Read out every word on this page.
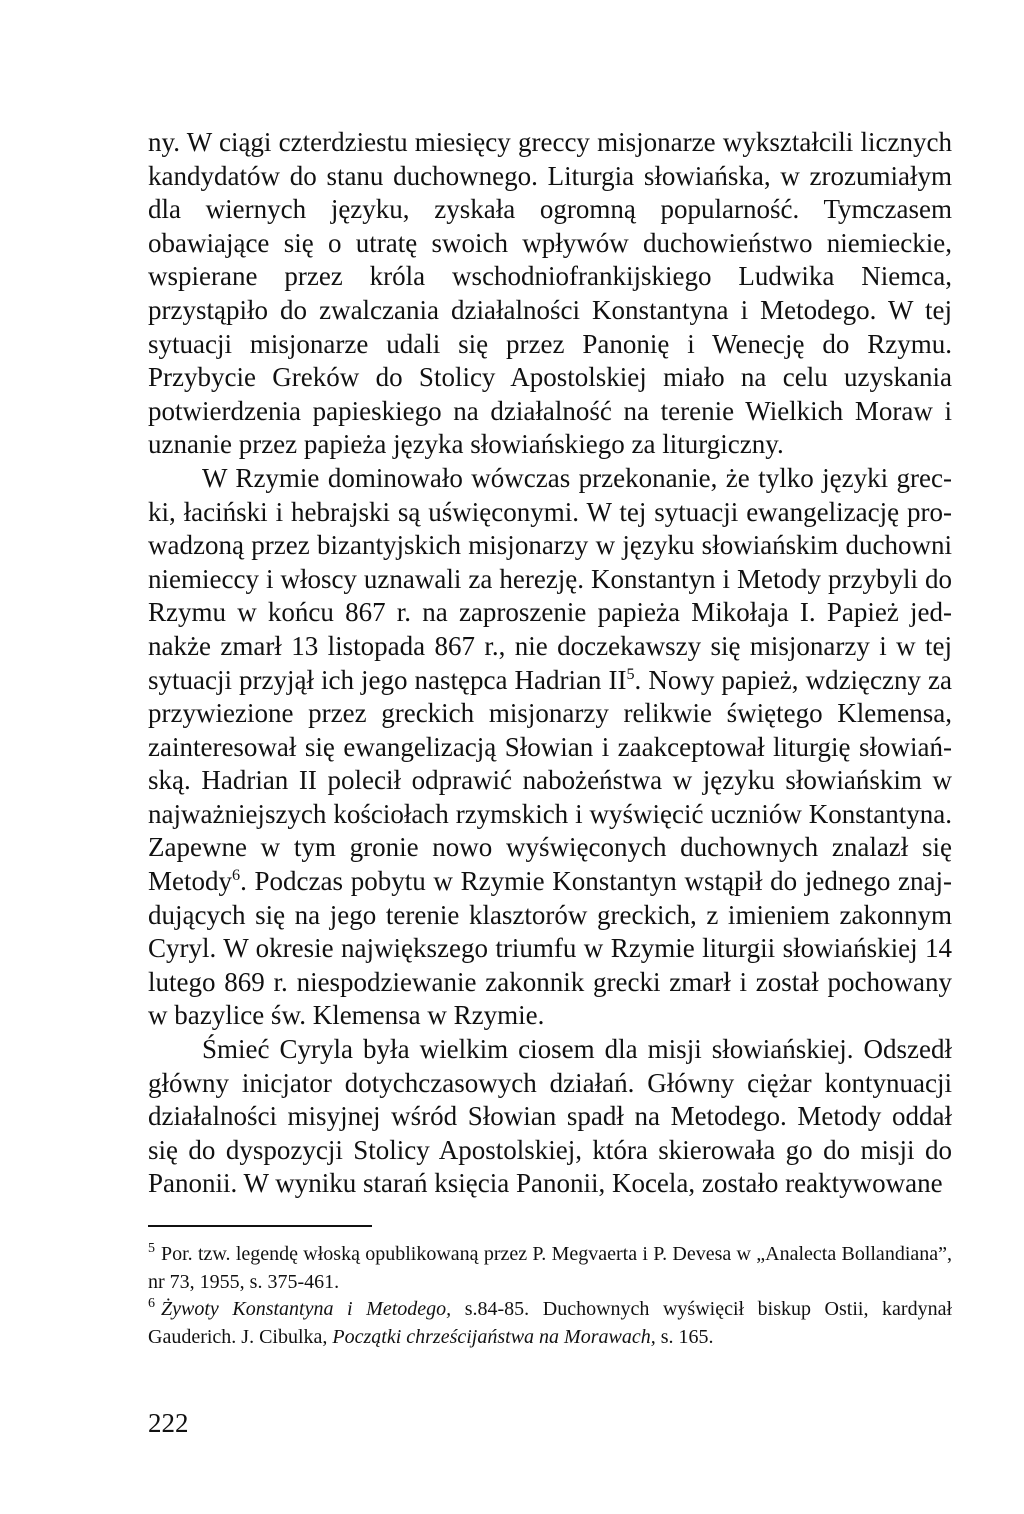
ny. W ciągi czterdziestu miesięcy greccy misjonarze wykształcili licznych kandydatów do stanu duchownego. Liturgia słowiańska, w zrozumiałym dla wiernych języku, zyskała ogromną popularność. Tymczasem obawiające się o utratę swoich wpływów duchowieństwo niemieckie, wspierane przez króla wschodniofrankijskiego Ludwika Niemca, przystąpiło do zwalczania działalności Konstantyna i Metodego. W tej sytuacji misjonarze udali się przez Panonię i Wenecję do Rzymu. Przybycie Greków do Stolicy Apostolskiej miało na celu uzyskania potwierdzenia papieskiego na działalność na terenie Wielkich Moraw i uznanie przez papieża języka słowiańskiego za liturgiczny.

W Rzymie dominowało wówczas przekonanie, że tylko języki grecki, łaciński i hebrajski są uświęconymi. W tej sytuacji ewangelizację prowadzoną przez bizantyjskich misjonarzy w języku słowiańskim duchowni niemieccy i włoscy uznawali za herezję. Konstantyn i Metody przybyli do Rzymu w końcu 867 r. na zaproszenie papieża Mikołaja I. Papież jednakże zmarł 13 listopada 867 r., nie doczekawszy się misjonarzy i w tej sytuacji przyjął ich jego następca Hadrian $II^5$. Nowy papież, wdzięczny za przywiezione przez greckich misjonarzy relikwie świętego Klemensa, zainteresował się ewangelizacją Słowian i zaakceptował liturgię słowiańską. Hadrian II polecił odprawić nabożeństwa w języku słowiańskim w najważniejszych kościołach rzymskich i wyświęcić uczniów Konstantyna. Zapewne w tym gronie nowo wyświęconych duchownych znalazł się Metody$^6$. Podczas pobytu w Rzymie Konstantyn wstąpił do jednego znajdujących się na jego terenie klasztorów greckich, z imieniem zakonnym Cyryl. W okresie największego triumfu w Rzymie liturgii słowiańskiej 14 lutego 869 r. niespodziewanie zakonnik grecki zmarł i został pochowany w bazylice św. Klemensa w Rzymie.

Śmieć Cyryla była wielkim ciosem dla misji słowiańskiej. Odszedł główny inicjator dotychczasowych działań. Główny ciężar kontynuacji działalności misyjnej wśród Słowian spadł na Metodego. Metody oddał się do dyspozycji Stolicy Apostolskiej, która skierowała go do misji do Panonii. W wyniku starań księcia Panonii, Kocela, zostało reaktywowane

$^5$ Por. tzw. legendę włoską opublikowaną przez P. Megvaerta i P. Devesa w „Analecta Bollandiana”, nr 73, 1955, s. 375-461.

$^6$ Żywoty Konstantyna i Metodego, s.84-85. Duchownych wyświęcił biskup Ostii, kardynał Gauderich. J. Cibulka, Początki chrześcijaństwa na Morawach, s. 165.

222
